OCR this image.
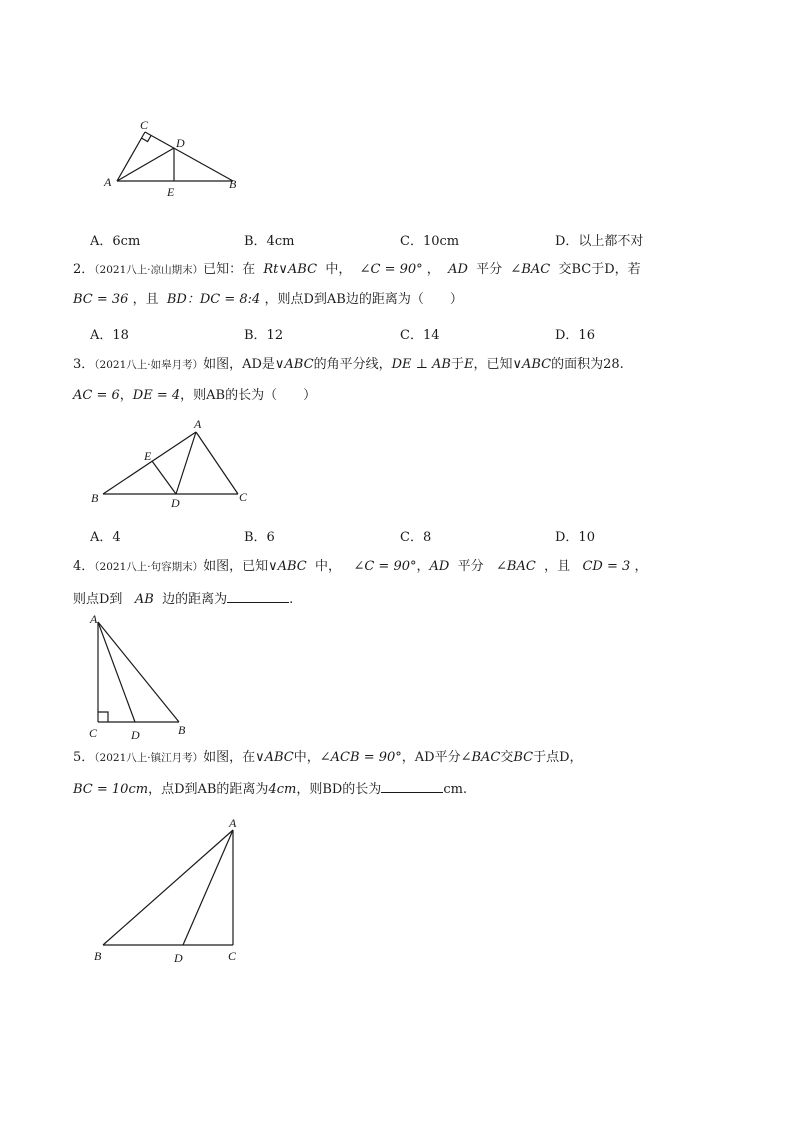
C
D
A
E
B
A．6cm	B．4cm	C．10cm	D．以上都不对
2．（2021八上·凉山期末）已知：在 Rt∨ABC 中， ∠C = 90° ， AD 平分 ∠BAC 交BC于D，若
BC = 36 ，且 BD：DC = 8:4 ，则点D到AB边的距离为（　　）
A．18	B．12	C．14	D．16
3．（2021八上·如皋月考）如图，AD是∨ABC的角平分线，DE ⊥ AB于E，已知∨ABC的面积为28.
AC = 6，DE = 4，则AB的长为（　　）
A
E
B	D	C
A．4	B．6	C．8	D．10
4．（2021八上·句容期末）如图，已知∨ABC 中， ∠C = 90°，AD 平分 ∠BAC ，且 CD = 3 ，
则点D到 AB 边的距离为	.
A
C	D	B
5．（2021八上·镇江月考）如图，在∨ABC中，∠ACB = 90°，AD平分∠BAC交BC于点D，
BC = 10cm，点D到AB的距离为4cm，则BD的长为	cm.
A
B	D	C
